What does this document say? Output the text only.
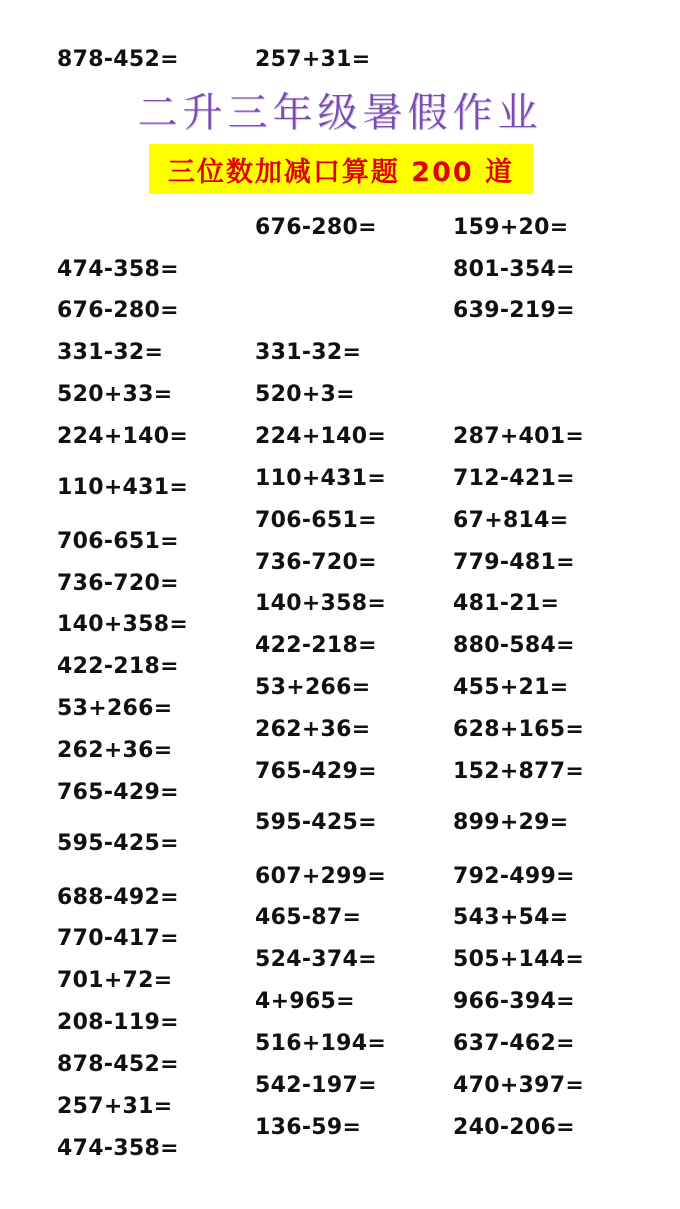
878-452=	257+31=
二升三年级暑假作业
三位数加减口算题 200 道
474-358=
676-280=
331-32=
520+33=
224+140=
110+431=
706-651=
736-720=
140+358=
422-218=
53+266=
262+36=
765-429=
595-425=
688-492=
770-417=
701+72=
208-119=
878-452=
257+31=
474-358=
676-280=
331-32=
520+3=
224+140=
110+431=
706-651=
736-720=
140+358=
422-218=
53+266=
262+36=
765-429=
595-425=
607+299=
465-87=
524-374=
4+965=
516+194=
542-197=
136-59=
159+20=
801-354=
639-219=
287+401=
712-421=
67+814=
779-481=
481-21=
880-584=
455+21=
628+165=
152+877=
899+29=
792-499=
543+54=
505+144=
966-394=
637-462=
470+397=
240-206=
